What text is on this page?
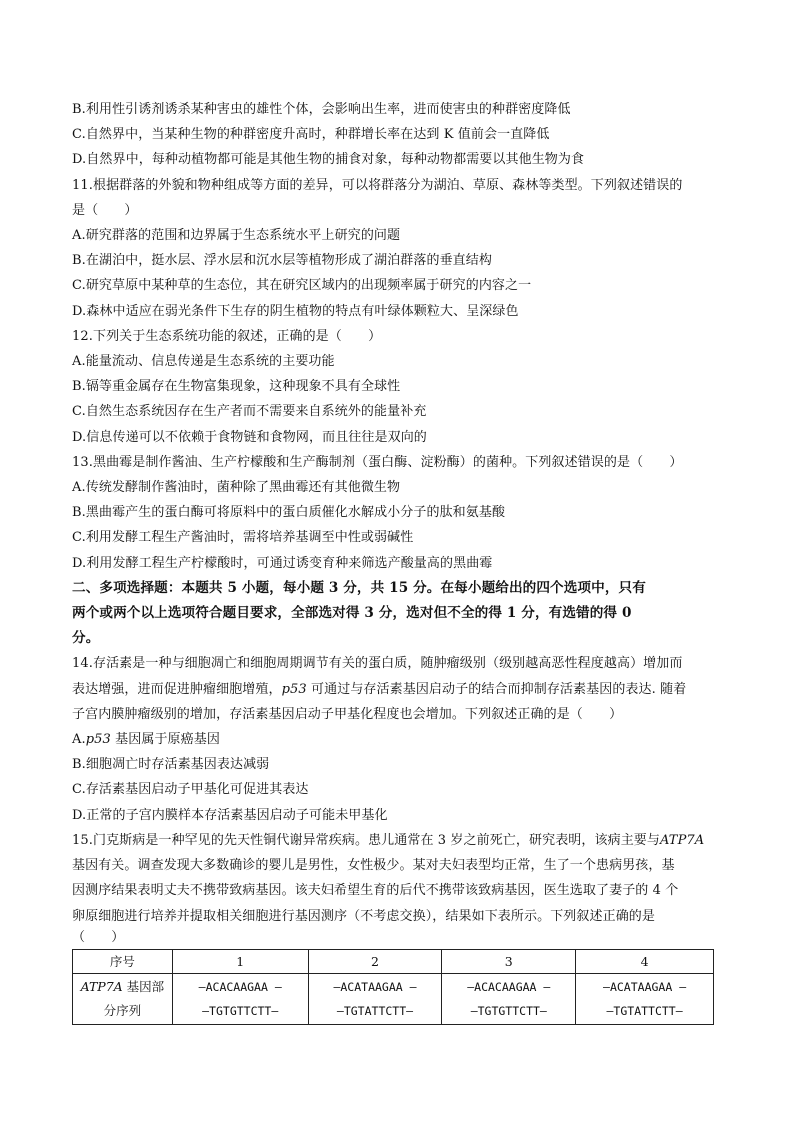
B.利用性引诱剂诱杀某种害虫的雄性个体，会影响出生率，进而使害虫的种群密度降低
C.自然界中，当某种生物的种群密度升高时，种群增长率在达到 K 值前会一直降低
D.自然界中，每种动植物都可能是其他生物的捕食对象，每种动物都需要以其他生物为食
11.根据群落的外貌和物种组成等方面的差异，可以将群落分为湖泊、草原、森林等类型。下列叙述错误的
是（　　）
A.研究群落的范围和边界属于生态系统水平上研究的问题
B.在湖泊中，挺水层、浮水层和沉水层等植物形成了湖泊群落的垂直结构
C.研究草原中某种草的生态位，其在研究区域内的出现频率属于研究的内容之一
D.森林中适应在弱光条件下生存的阴生植物的特点有叶绿体颗粒大、呈深绿色
12.下列关于生态系统功能的叙述，正确的是（　　）
A.能量流动、信息传递是生态系统的主要功能
B.镉等重金属存在生物富集现象，这种现象不具有全球性
C.自然生态系统因存在生产者而不需要来自系统外的能量补充
D.信息传递可以不依赖于食物链和食物网，而且往往是双向的
13.黑曲霉是制作酱油、生产柠檬酸和生产酶制剂（蛋白酶、淀粉酶）的菌种。下列叙述错误的是（　　）
A.传统发酵制作酱油时，菌种除了黑曲霉还有其他微生物
B.黑曲霉产生的蛋白酶可将原料中的蛋白质催化水解成小分子的肽和氨基酸
C.利用发酵工程生产酱油时，需将培养基调至中性或弱碱性
D.利用发酵工程生产柠檬酸时，可通过诱变育种来筛选产酸量高的黑曲霉
二、多项选择题：本题共 5 小题，每小题 3 分，共 15 分。在每小题给出的四个选项中，只有
两个或两个以上选项符合题目要求，全部选对得 3 分，选对但不全的得 1 分，有选错的得 0
分。
14.存活素是一种与细胞凋亡和细胞周期调节有关的蛋白质，随肿瘤级别（级别越高恶性程度越高）增加而
表达增强，进而促进肿瘤细胞增殖，p53 可通过与存活素基因启动子的结合而抑制存活素基因的表达. 随着
子宫内膜肿瘤级别的增加，存活素基因启动子甲基化程度也会增加。下列叙述正确的是（　　）
A.p53 基因属于原癌基因
B.细胞凋亡时存活素基因表达减弱
C.存活素基因启动子甲基化可促进其表达
D.正常的子宫内膜样本存活素基因启动子可能未甲基化
15.门克斯病是一种罕见的先天性铜代谢异常疾病。患儿通常在 3 岁之前死亡，研究表明，该病主要与ATP7A
基因有关。调查发现大多数确诊的婴儿是男性，女性极少。某对夫妇表型均正常，生了一个患病男孩，基
因测序结果表明丈夫不携带致病基因。该夫妇希望生育的后代不携带该致病基因，医生选取了妻子的 4 个
卵原细胞进行培养并提取相关细胞进行基因测序（不考虑交换），结果如下表所示。下列叙述正确的是
（　　）
序号	1	2	3	4
ATP7A 基因部
分序列	—ACACAAGAA —
—TGTGTTCTT—	—ACATAAGAA —
—TGTATTCTT—	—ACACAAGAA —
—TGTGTTCTT—	—ACATAAGAA —
—TGTATTCTT—
